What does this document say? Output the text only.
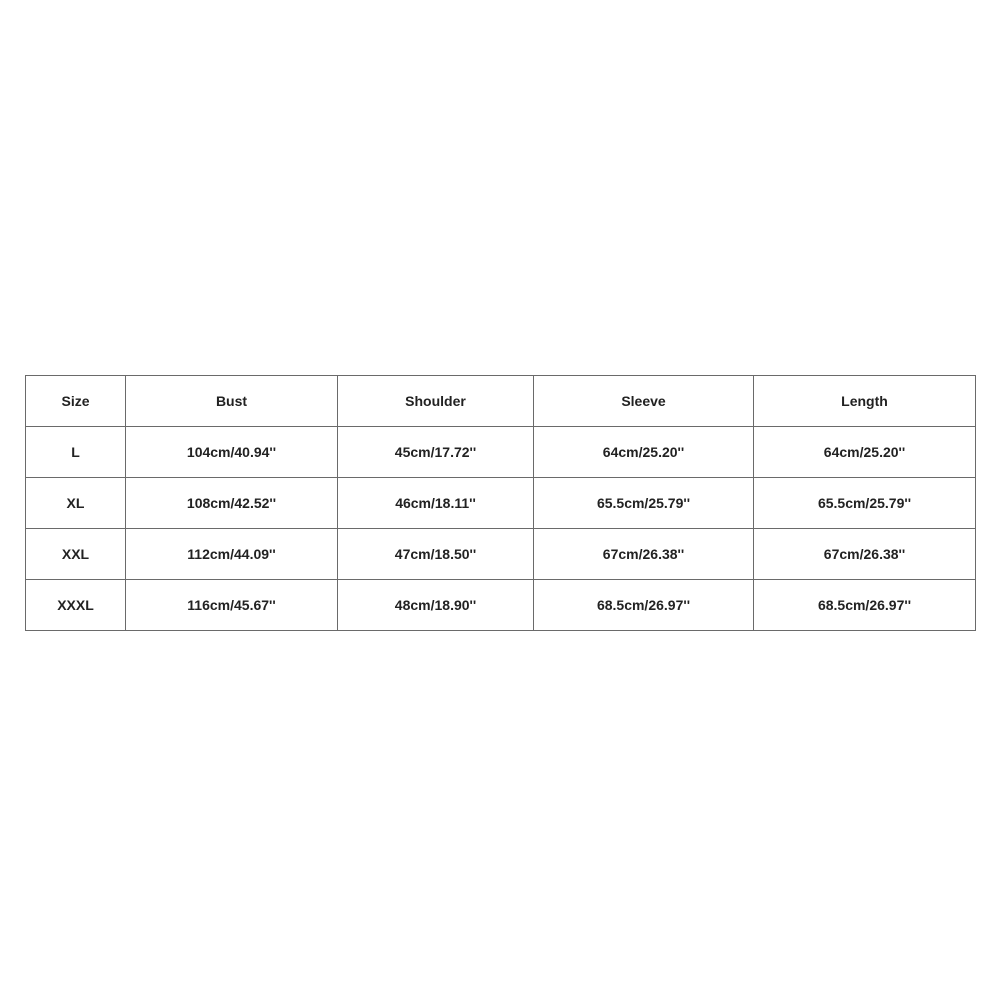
Size	Bust	Shoulder	Sleeve	Length
L	104cm/40.94''	45cm/17.72''	64cm/25.20''	64cm/25.20''
XL	108cm/42.52''	46cm/18.11''	65.5cm/25.79''	65.5cm/25.79''
XXL	112cm/44.09''	47cm/18.50''	67cm/26.38''	67cm/26.38''
XXXL	116cm/45.67''	48cm/18.90''	68.5cm/26.97''	68.5cm/26.97''
